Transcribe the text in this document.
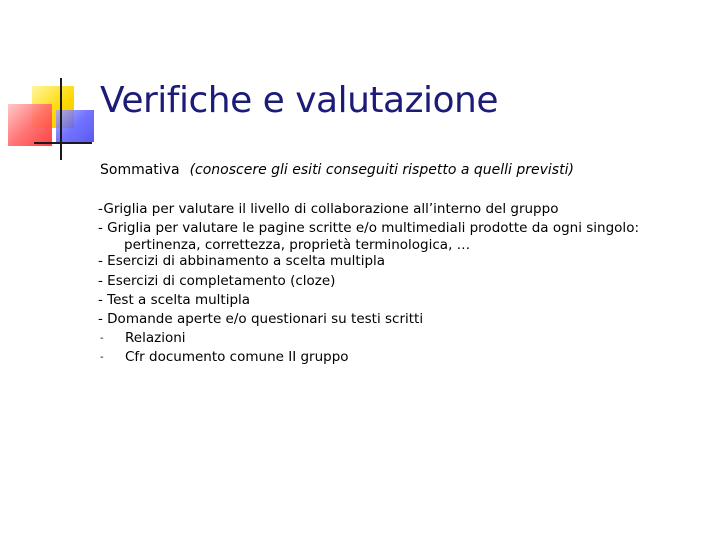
Verifiche e valutazione
Sommativa (conoscere gli esiti conseguiti rispetto a quelli previsti)
-Griglia per valutare il livello di collaborazione all’interno del gruppo
- Griglia per valutare le pagine scritte e/o multimediali prodotte da ogni singolo:
pertinenza, correttezza, proprietà terminologica, …
- Esercizi di abbinamento a scelta multipla
- Esercizi di completamento (cloze)
- Test a scelta multipla
- Domande aperte e/o questionari su testi scritti
- Relazioni
- Cfr documento comune II gruppo
